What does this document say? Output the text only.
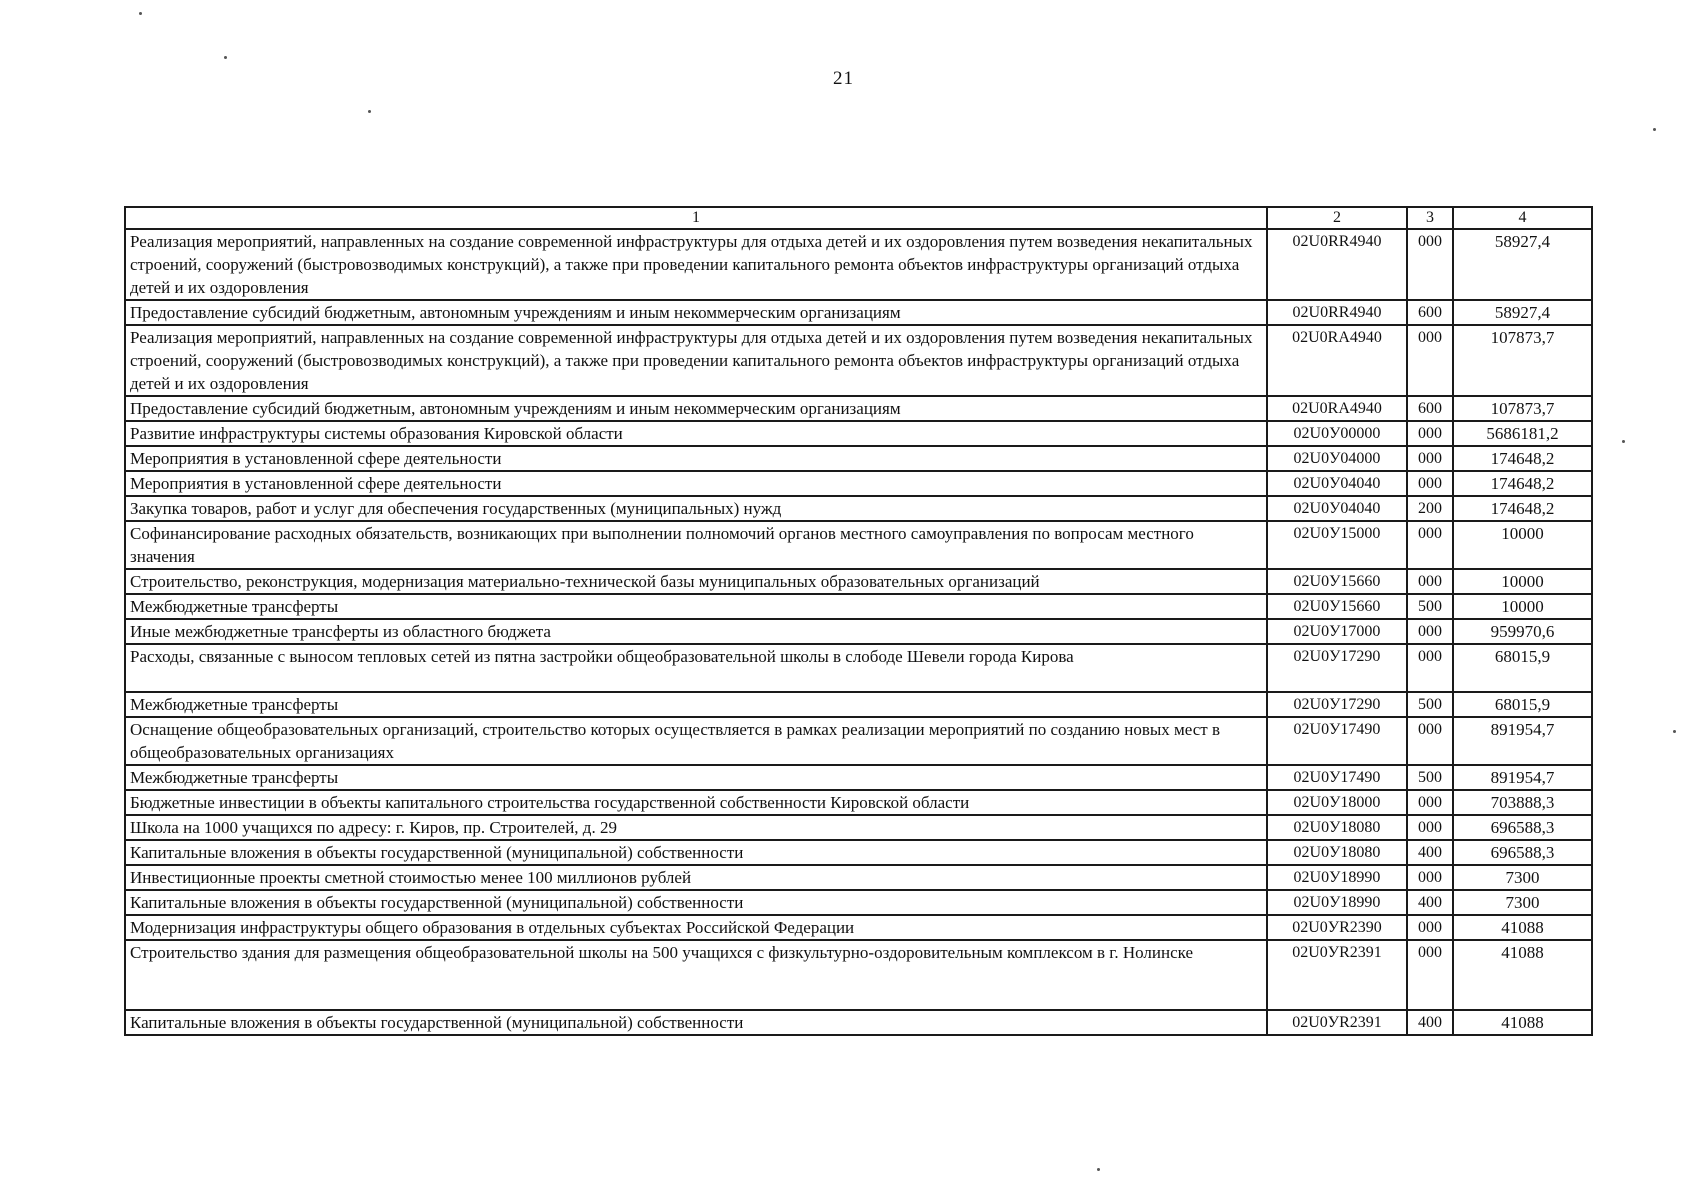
21
1	2	3	4
Реализация мероприятий, направленных на создание современной инфраструктуры для отдыха детей и их оздоровления путем возведения некапитальных строений, сооружений (быстровозводимых конструкций), а также при проведении капитального ремонта объектов инфраструктуры организаций отдыха детей и их оздоровления	02U0RR4940	000	58927,4
Предоставление субсидий бюджетным, автономным учреждениям и иным некоммерческим организациям	02U0RR4940	600	58927,4
Реализация мероприятий, направленных на создание современной инфраструктуры для отдыха детей и их оздоровления путем возведения некапитальных строений, сооружений (быстровозводимых конструкций), а также при проведении капитального ремонта объектов инфраструктуры организаций отдыха детей и их оздоровления	02U0RA4940	000	107873,7
Предоставление субсидий бюджетным, автономным учреждениям и иным некоммерческим организациям	02U0RA4940	600	107873,7
Развитие инфраструктуры системы образования Кировской области	02U0У00000	000	5686181,2
Мероприятия в установленной сфере деятельности	02U0У04000	000	174648,2
Мероприятия в установленной сфере деятельности	02U0У04040	000	174648,2
Закупка товаров, работ и услуг для обеспечения государственных (муниципальных) нужд	02U0У04040	200	174648,2
Софинансирование расходных обязательств, возникающих при выполнении полномочий органов местного самоуправления по вопросам местного значения	02U0У15000	000	10000
Строительство, реконструкция, модернизация материально-технической базы муниципальных образовательных организаций	02U0У15660	000	10000
Межбюджетные трансферты	02U0У15660	500	10000
Иные межбюджетные трансферты из областного бюджета	02U0У17000	000	959970,6
Расходы, связанные с выносом тепловых сетей из пятна застройки общеобразовательной школы в слободе Шевели города Кирова	02U0У17290	000	68015,9
Межбюджетные трансферты	02U0У17290	500	68015,9
Оснащение общеобразовательных организаций, строительство которых осуществляется в рамках реализации мероприятий по созданию новых мест в общеобразовательных организациях	02U0У17490	000	891954,7
Межбюджетные трансферты	02U0У17490	500	891954,7
Бюджетные инвестиции в объекты капитального строительства государственной собственности Кировской области	02U0У18000	000	703888,3
Школа на 1000 учащихся по адресу: г. Киров, пр. Строителей, д. 29	02U0У18080	000	696588,3
Капитальные вложения в объекты государственной (муниципальной) собственности	02U0У18080	400	696588,3
Инвестиционные проекты сметной стоимостью менее 100 миллионов рублей	02U0У18990	000	7300
Капитальные вложения в объекты государственной (муниципальной) собственности	02U0У18990	400	7300
Модернизация инфраструктуры общего образования в отдельных субъектах Российской Федерации	02U0УR2390	000	41088
Строительство здания для размещения общеобразовательной школы на 500 учащихся с физкультурно-оздоровительным комплексом в г. Нолинске	02U0УR2391	000	41088
Капитальные вложения в объекты государственной (муниципальной) собственности	02U0УR2391	400	41088
